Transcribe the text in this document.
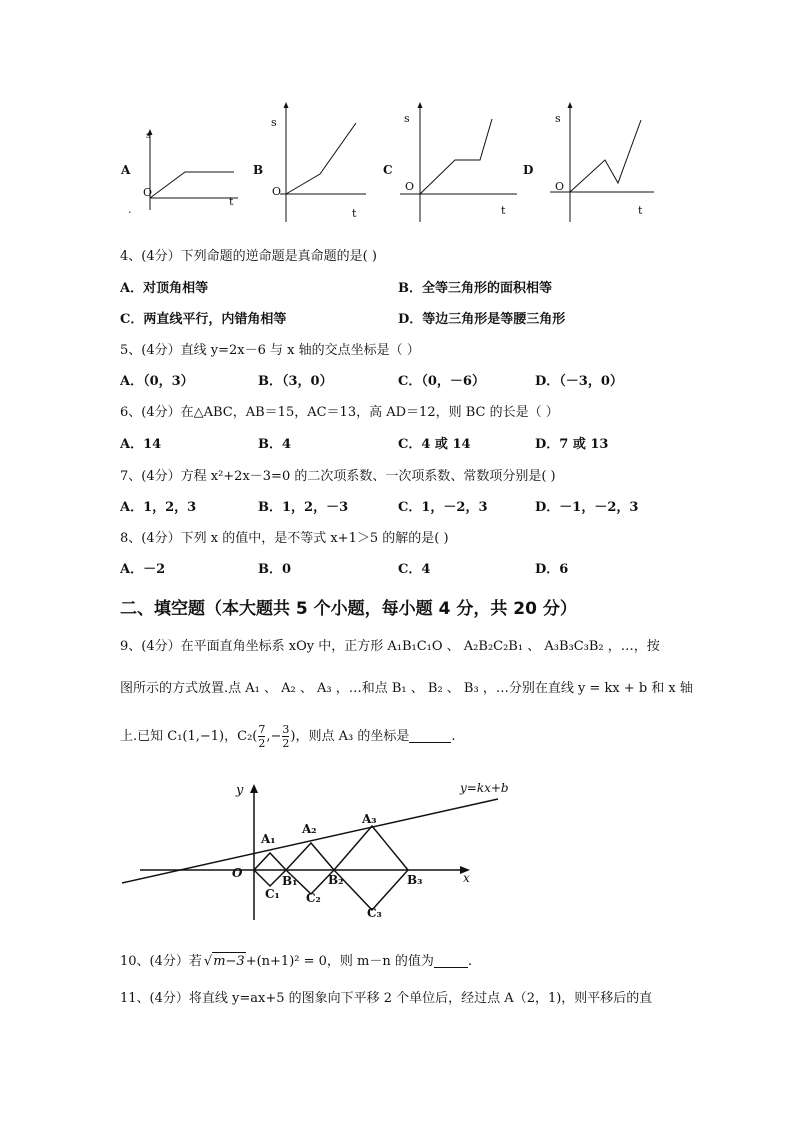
A
s
O
t
.
B
s
O
t
C
s
O
t
D
s
O
t
4、(4分）下列命题的逆命题是真命题的是( )
A．对顶角相等	B．全等三角形的面积相等
C．两直线平行，内错角相等	D．等边三角形是等腰三角形
5、(4分）直线 y=2x－6 与 x 轴的交点坐标是（ ）
A．（0，3）	B．（3，0）	C．（0，－6）	D．（－3，0）
6、(4分）在△ABC，AB＝15，AC＝13，高 AD＝12，则 BC 的长是（ ）
A．14	B．4	C．4 或 14	D．7 或 13
7、(4分）方程 x²+2x－3=0 的二次项系数、一次项系数、常数项分别是( )
A．1，2，3	B．1，2，－3	C．1，－2，3	D．－1，－2，3
8、(4分）下列 x 的值中，是不等式 x+1＞5 的解的是( )
A．－2	B．0	C．4	D．6
二、填空题（本大题共 5 个小题，每小题 4 分，共 20 分）
9、(4分）在平面直角坐标系 xOy 中，正方形 A₁B₁C₁O 、 A₂B₂C₂B₁ 、 A₃B₃C₃B₂ ，…，按
图所示的方式放置.点 A₁ 、 A₂ 、 A₃ ，…和点 B₁ 、 B₂ 、 B₃ ，…分别在直线 y = kx + b 和 x 轴
上.已知 C₁(1,−1)，$C_2( \frac{7}{2}$ ,− $\frac{3}{2}$ )，则点 A₃ 的坐标是	.
y
x
y=kx+b
O
A₁
A₂
A₃
B₁	B₂	B₃
C₁ C₂
C₃
10、(4分）若 √ m−3 +(n+1)² = 0，则 m－n 的值为	.
11、(4分）将直线 y=ax+5 的图象向下平移 2 个单位后，经过点 A（2，1)，则平移后的直
